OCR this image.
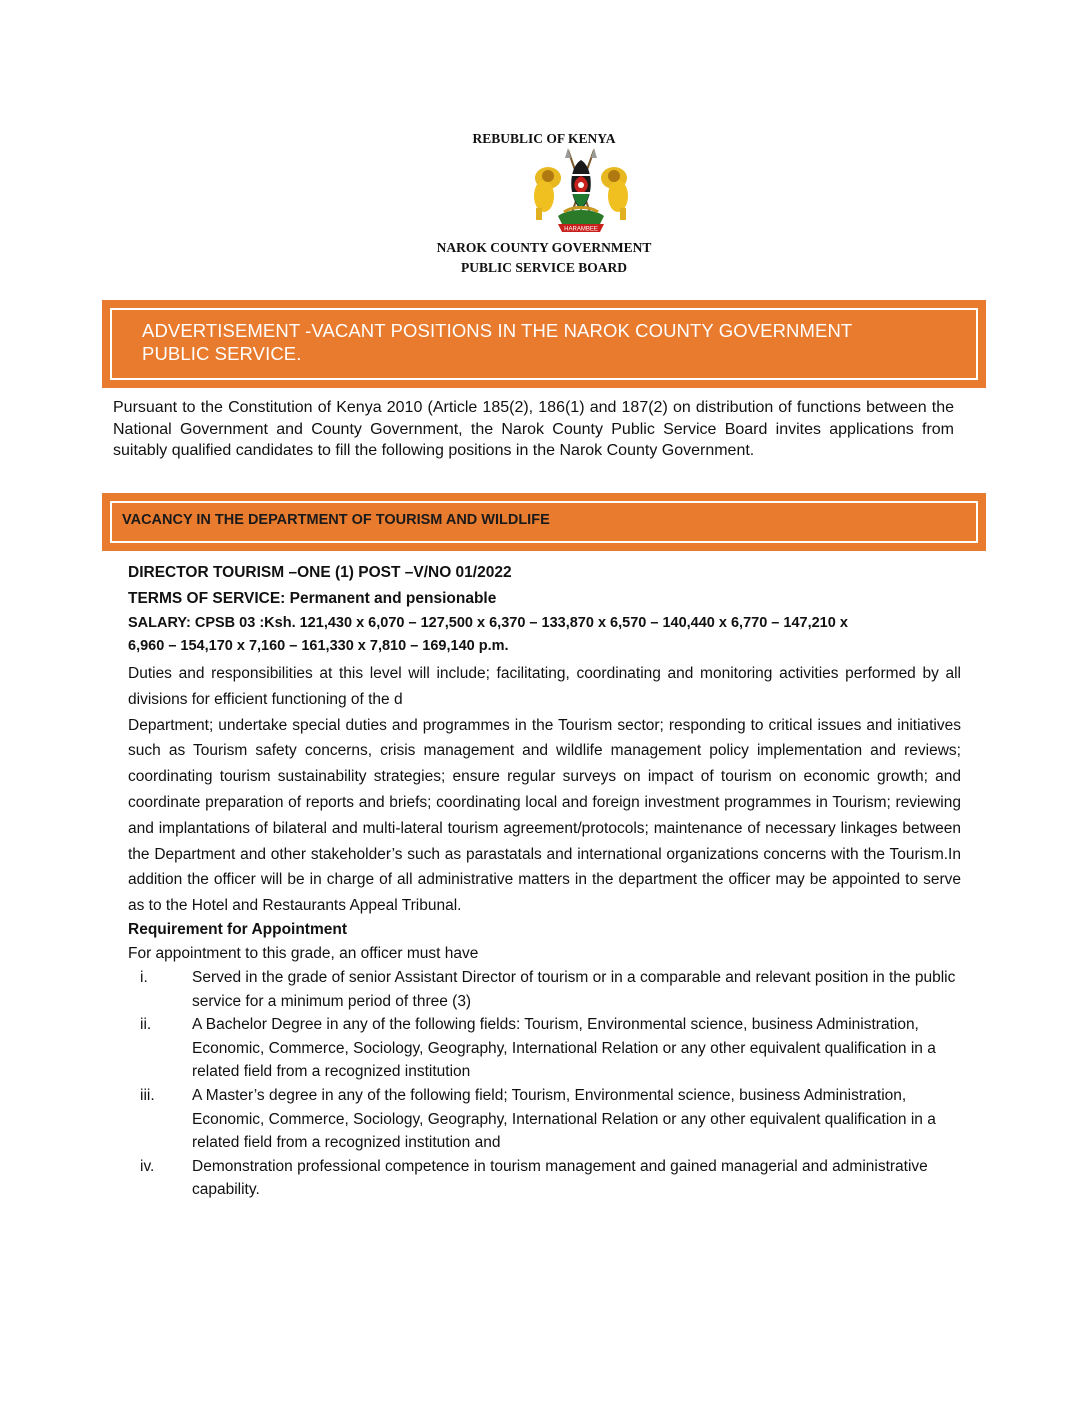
REBUBLIC OF KENYA
HARAMBEE
NAROK COUNTY GOVERNMENT
PUBLIC SERVICE BOARD
ADVERTISEMENT -VACANT POSITIONS IN THE NAROK COUNTY GOVERNMENT
PUBLIC SERVICE.

Pursuant to the Constitution of Kenya 2010 (Article 185(2), 186(1) and 187(2) on distribution of functions between the National Government and County Government, the Narok County Public Service Board invites applications from suitably qualified candidates to fill the following positions in the Narok County Government.

VACANCY IN THE DEPARTMENT OF TOURISM AND WILDLIFE

DIRECTOR TOURISM –ONE (1) POST –V/NO 01/2022

TERMS OF SERVICE: Permanent and pensionable

SALARY: CPSB 03 :Ksh. 121,430 x 6,070 – 127,500 x 6,370 – 133,870 x 6,570 – 140,440 x 6,770 – 147,210 x
6,960 – 154,170 x 7,160 – 161,330 x 7,810 – 169,140 p.m.

Duties and responsibilities at this level will include; facilitating, coordinating and monitoring activities performed by all divisions for efficient functioning of the d

Department; undertake special duties and programmes in the Tourism sector; responding to critical issues and initiatives such as Tourism safety concerns, crisis management and wildlife management policy implementation and reviews; coordinating tourism sustainability strategies; ensure regular surveys on impact of tourism on economic growth; and coordinate preparation of reports and briefs; coordinating local and foreign investment programmes in Tourism; reviewing and implantations of bilateral and multi-lateral tourism agreement/protocols; maintenance of necessary linkages between the Department and other stakeholder’s such as parastatals and international organizations concerns with the Tourism.In addition the officer will be in charge of all administrative matters in the department the officer may be appointed to serve as to the Hotel and Restaurants Appeal Tribunal.

Requirement for Appointment

For appointment to this grade, an officer must have

i.	Served in the grade of senior Assistant Director of tourism or in a comparable and relevant position in the public service for a minimum period of three (3)
ii.	A Bachelor Degree in any of the following fields: Tourism, Environmental science, business Administration, Economic, Commerce, Sociology, Geography, International Relation or any other equivalent qualification in a related field from a recognized institution
iii. A Master’s degree in any of the following field; Tourism, Environmental science, business Administration, Economic, Commerce, Sociology, Geography, International Relation or any other equivalent qualification in a related field from a recognized institution and
iv. Demonstration professional competence in tourism management and gained managerial and administrative capability.
